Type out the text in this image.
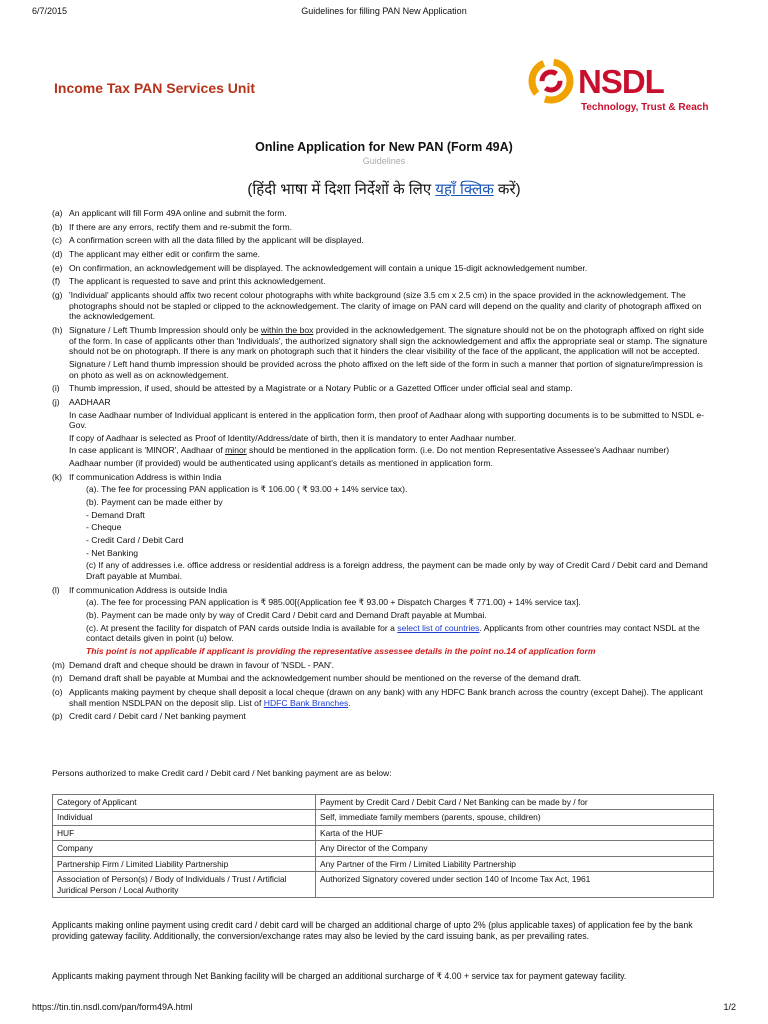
6/7/2015	Guidelines for filling PAN New Application
Income Tax PAN Services Unit	NSDL
Technology, Trust & Reach
Online Application for New PAN (Form 49A)
Guidelines
(हिंदी भाषा में दिशा निर्देशों के लिए यहाँ क्लिक करें)
(a) An applicant will fill Form 49A online and submit the form.
(b) If there are any errors, rectify them and re-submit the form.
(c) A confirmation screen with all the data filled by the applicant will be displayed.
(d) The applicant may either edit or confirm the same.
(e) On confirmation, an acknowledgement will be displayed. The acknowledgement will contain a unique 15-digit acknowledgement number.
(f) The applicant is requested to save and print this acknowledgement.
(g) 'Individual' applicants should affix two recent colour photographs with white background (size 3.5 cm x 2.5 cm) in the space provided in the acknowledgement. The photographs should not be stapled or clipped to the acknowledgement. The clarity of image on PAN card will depend on the quality and clarity of photograph affixed on the acknowledgement.
(h) Signature / Left Thumb Impression should only be within the box provided in the acknowledgement. The signature should not be on the photograph affixed on right side of the form. In case of applicants other than 'Individuals', the authorized signatory shall sign the acknowledgement and affix the appropriate seal or stamp. The signature should not be on photograph. If there is any mark on photograph such that it hinders the clear visibility of the face of the applicant, the application will not be accepted.
Signature / Left hand thumb impression should be provided across the photo affixed on the left side of the form in such a manner that portion of signature/impression is on photo as well as on acknowledgement.
(i) Thumb impression, if used, should be attested by a Magistrate or a Notary Public or a Gazetted Officer under official seal and stamp.
(j) AADHAAR
In case Aadhaar number of Individual applicant is entered in the application form, then proof of Aadhaar along with supporting documents is to be submitted to NSDL e-Gov.
If copy of Aadhaar is selected as Proof of Identity/Address/date of birth, then it is mandatory to enter Aadhaar number.
In case applicant is 'MINOR', Aadhaar of minor should be mentioned in the application form. (i.e. Do not mention Representative Assessee's Aadhaar number)
Aadhaar number (if provided) would be authenticated using applicant's details as mentioned in application form.
(k) If communication Address is within India
(a). The fee for processing PAN application is ₹ 106.00 ( ₹ 93.00 + 14% service tax).
(b). Payment can be made either by
- Demand Draft
- Cheque
- Credit Card / Debit Card
- Net Banking
(c) If any of addresses i.e. office address or residential address is a foreign address, the payment can be made only by way of Credit Card / Debit card and Demand Draft payable at Mumbai.
(l) If communication Address is outside India
(a). The fee for processing PAN application is ₹ 985.00[(Application fee ₹ 93.00 + Dispatch Charges ₹ 771.00) + 14% service tax].
(b). Payment can be made only by way of Credit Card / Debit card and Demand Draft payable at Mumbai.
(c). At present the facility for dispatch of PAN cards outside India is available for a select list of countries. Applicants from other countries may contact NSDL at the contact details given in point (u) below.
This point is not applicable if applicant is providing the representative assessee details in the point no.14 of application form
(m) Demand draft and cheque should be drawn in favour of 'NSDL - PAN'.
(n) Demand draft shall be payable at Mumbai and the acknowledgement number should be mentioned on the reverse of the demand draft.
(o) Applicants making payment by cheque shall deposit a local cheque (drawn on any bank) with any HDFC Bank branch across the country (except Dahej). The applicant shall mention NSDLPAN on the deposit slip. List of HDFC Bank Branches.
(p) Credit card / Debit card / Net banking payment
Persons authorized to make Credit card / Debit card / Net banking payment are as below:
Category of Applicant	Payment by Credit Card / Debit Card / Net Banking can be made by / for
Individual	Self, immediate family members (parents, spouse, children)
HUF	Karta of the HUF
Company	Any Director of the Company
Partnership Firm / Limited Liability Partnership	Any Partner of the Firm / Limited Liability Partnership
Association of Person(s) / Body of Individuals / Trust / Artificial Juridical Person / Local Authority	Authorized Signatory covered under section 140 of Income Tax Act, 1961
Applicants making online payment using credit card / debit card will be charged an additional charge of upto 2% (plus applicable taxes) of application fee by the bank providing gateway facility. Additionally, the conversion/exchange rates may also be levied by the card issuing bank, as per prevailing rates.
Applicants making payment through Net Banking facility will be charged an additional surcharge of ₹ 4.00 + service tax for payment gateway facility.
https://tin.tin.nsdl.com/pan/form49A.html	1/2
